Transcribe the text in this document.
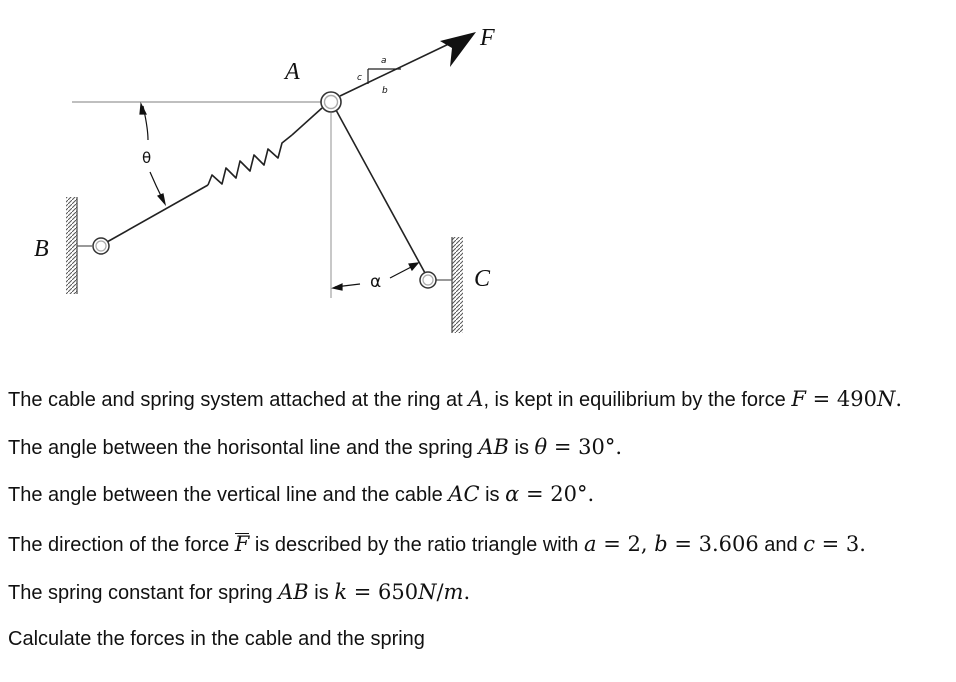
F
A
B
C
θ
α
a
b
c
The cable and spring system attached at the ring at A, is kept in equilibrium by the force F = 490N.
The angle between the horisontal line and the spring AB is θ = 30°.
The angle between the vertical line and the cable AC is α = 20°.
The direction of the force F is described by the ratio triangle with a = 2, b = 3.606 and c = 3.
The spring constant for spring AB is k = 650N/m.
Calculate the forces in the cable and the spring
